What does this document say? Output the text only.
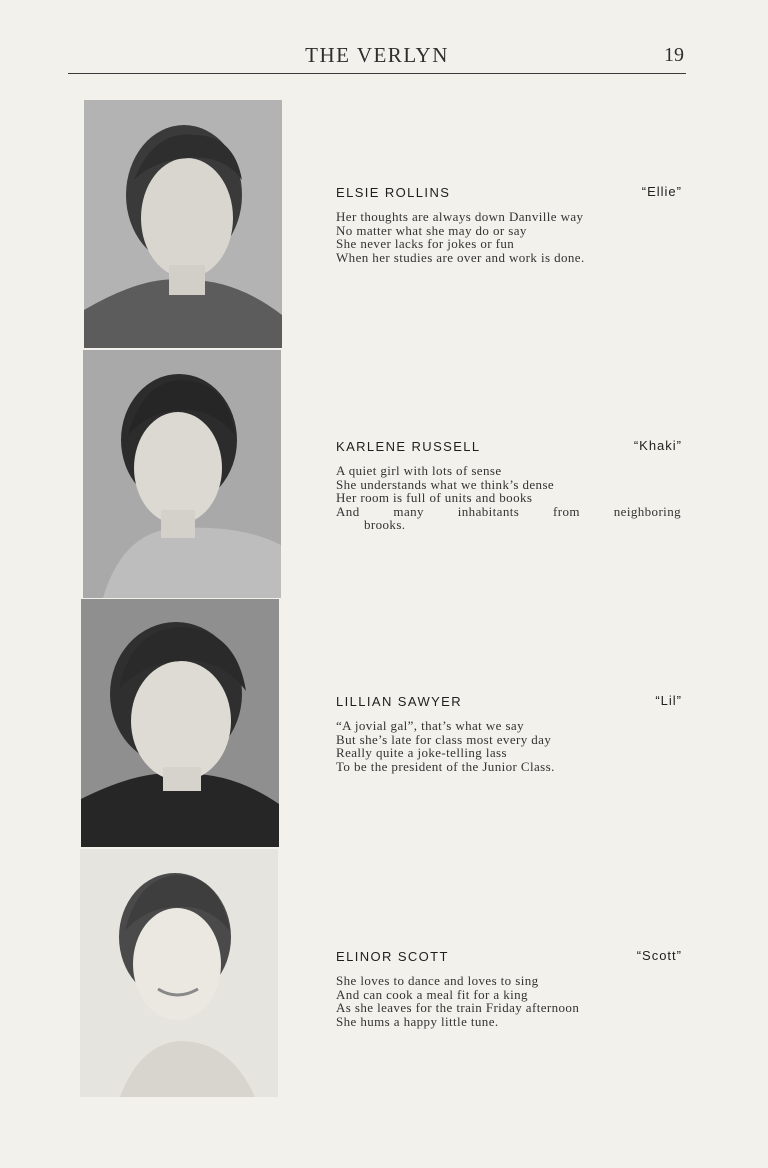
THE VERLYN	19
ELSIE ROLLINS	“Ellie”
Her thoughts are always down Danville way
No matter what she may do or say
She never lacks for jokes or fun
When her studies are over and work is done.
KARLENE RUSSELL	“Khaki”
A quiet girl with lots of sense
She understands what we think’s dense
Her room is full of units and books
And many inhabitants from neighboring
brooks.
LILLIAN SAWYER	“Lil”
“A jovial gal”, that’s what we say
But she’s late for class most every day
Really quite a joke-telling lass
To be the president of the Junior Class.
ELINOR SCOTT	“Scott”
She loves to dance and loves to sing
And can cook a meal fit for a king
As she leaves for the train Friday afternoon
She hums a happy little tune.
